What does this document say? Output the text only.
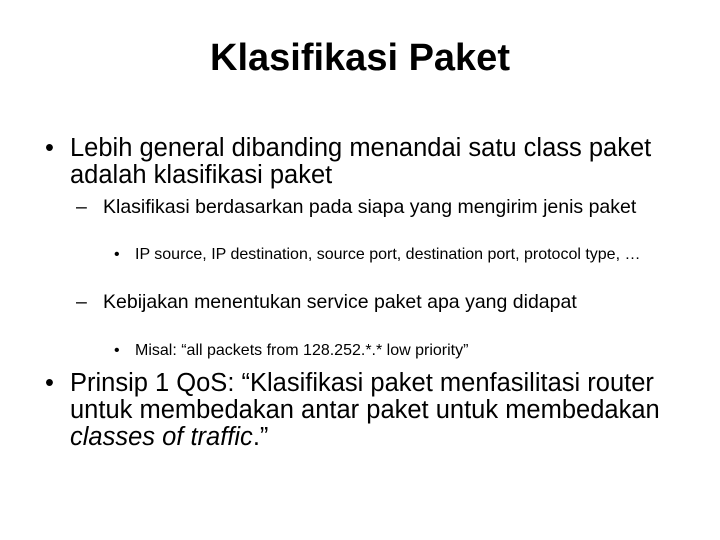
Klasifikasi Paket
• Lebih general dibanding menandai satu class paket adalah klasifikasi paket
– Klasifikasi berdasarkan pada siapa yang mengirim jenis paket
• IP source, IP destination, source port, destination port, protocol type, …
– Kebijakan menentukan service paket apa yang didapat
• Misal: “all packets from 128.252.*.* low priority”
• Prinsip 1 QoS: “Klasifikasi paket menfasilitasi router untuk membedakan antar paket untuk membedakan classes of traffic.”
